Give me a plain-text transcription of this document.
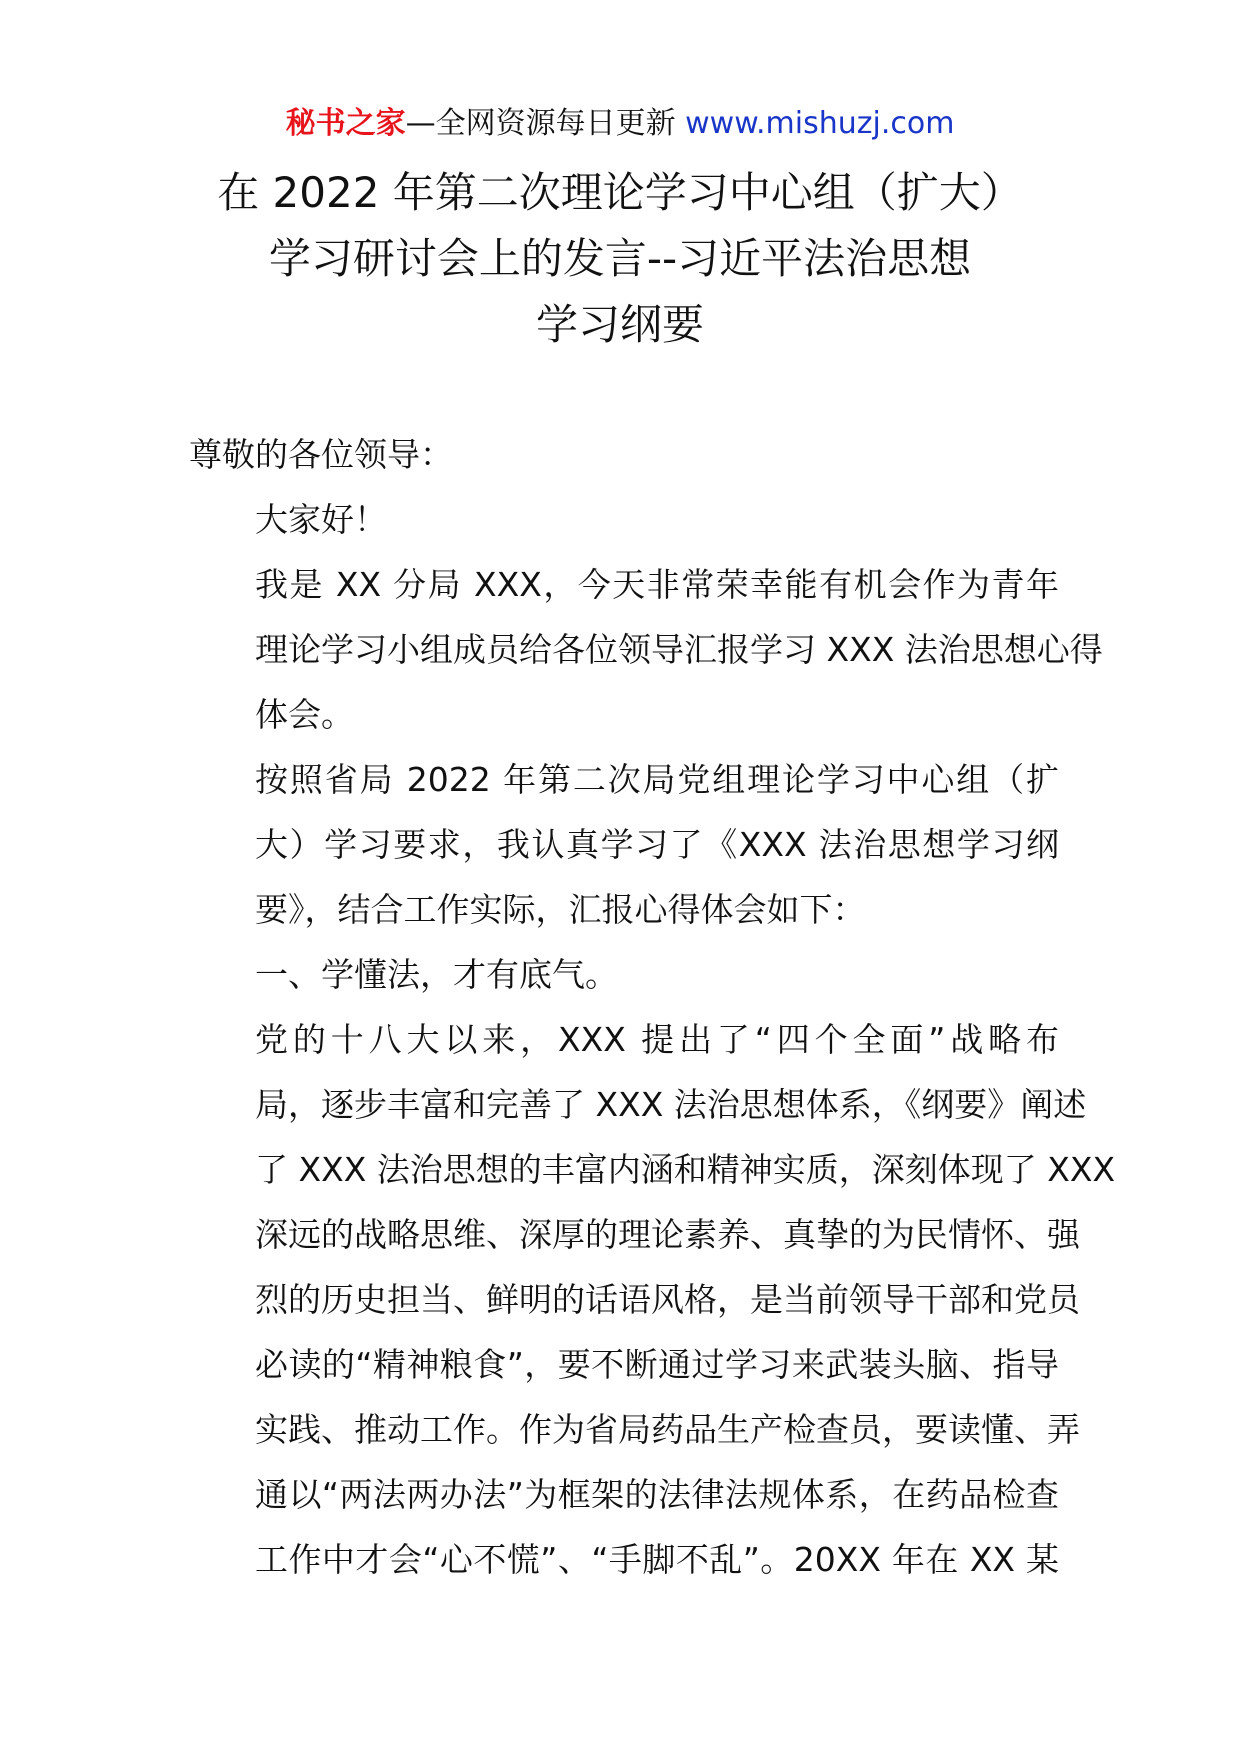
秘书之家—全网资源每日更新 www.mishuzj.com
在 2022 年第二次理论学习中心组（扩大）
学习研讨会上的发言--习近平法治思想
学习纲要

尊敬的各位领导：

大家好！

我是 XX 分局 XXX，今天非常荣幸能有机会作为青年
理论学习小组成员给各位领导汇报学习 XXX 法治思想心得
体会。

按照省局 2022 年第二次局党组理论学习中心组（扩
大）学习要求，我认真学习了《XXX 法治思想学习纲
要》，结合工作实际，汇报心得体会如下：

一、学懂法，才有底气。

党的十八大以来，XXX 提出了“四个全面”战略布
局，逐步丰富和完善了 XXX 法治思想体系，《纲要》阐述
了 XXX 法治思想的丰富内涵和精神实质，深刻体现了 XXX
深远的战略思维、深厚的理论素养、真挚的为民情怀、强
烈的历史担当、鲜明的话语风格，是当前领导干部和党员
必读的“精神粮食”，要不断通过学习来武装头脑、指导
实践、推动工作。作为省局药品生产检查员，要读懂、弄
通以“两法两办法”为框架的法律法规体系，在药品检查
工作中才会“心不慌”、“手脚不乱”。20XX 年在 XX 某
